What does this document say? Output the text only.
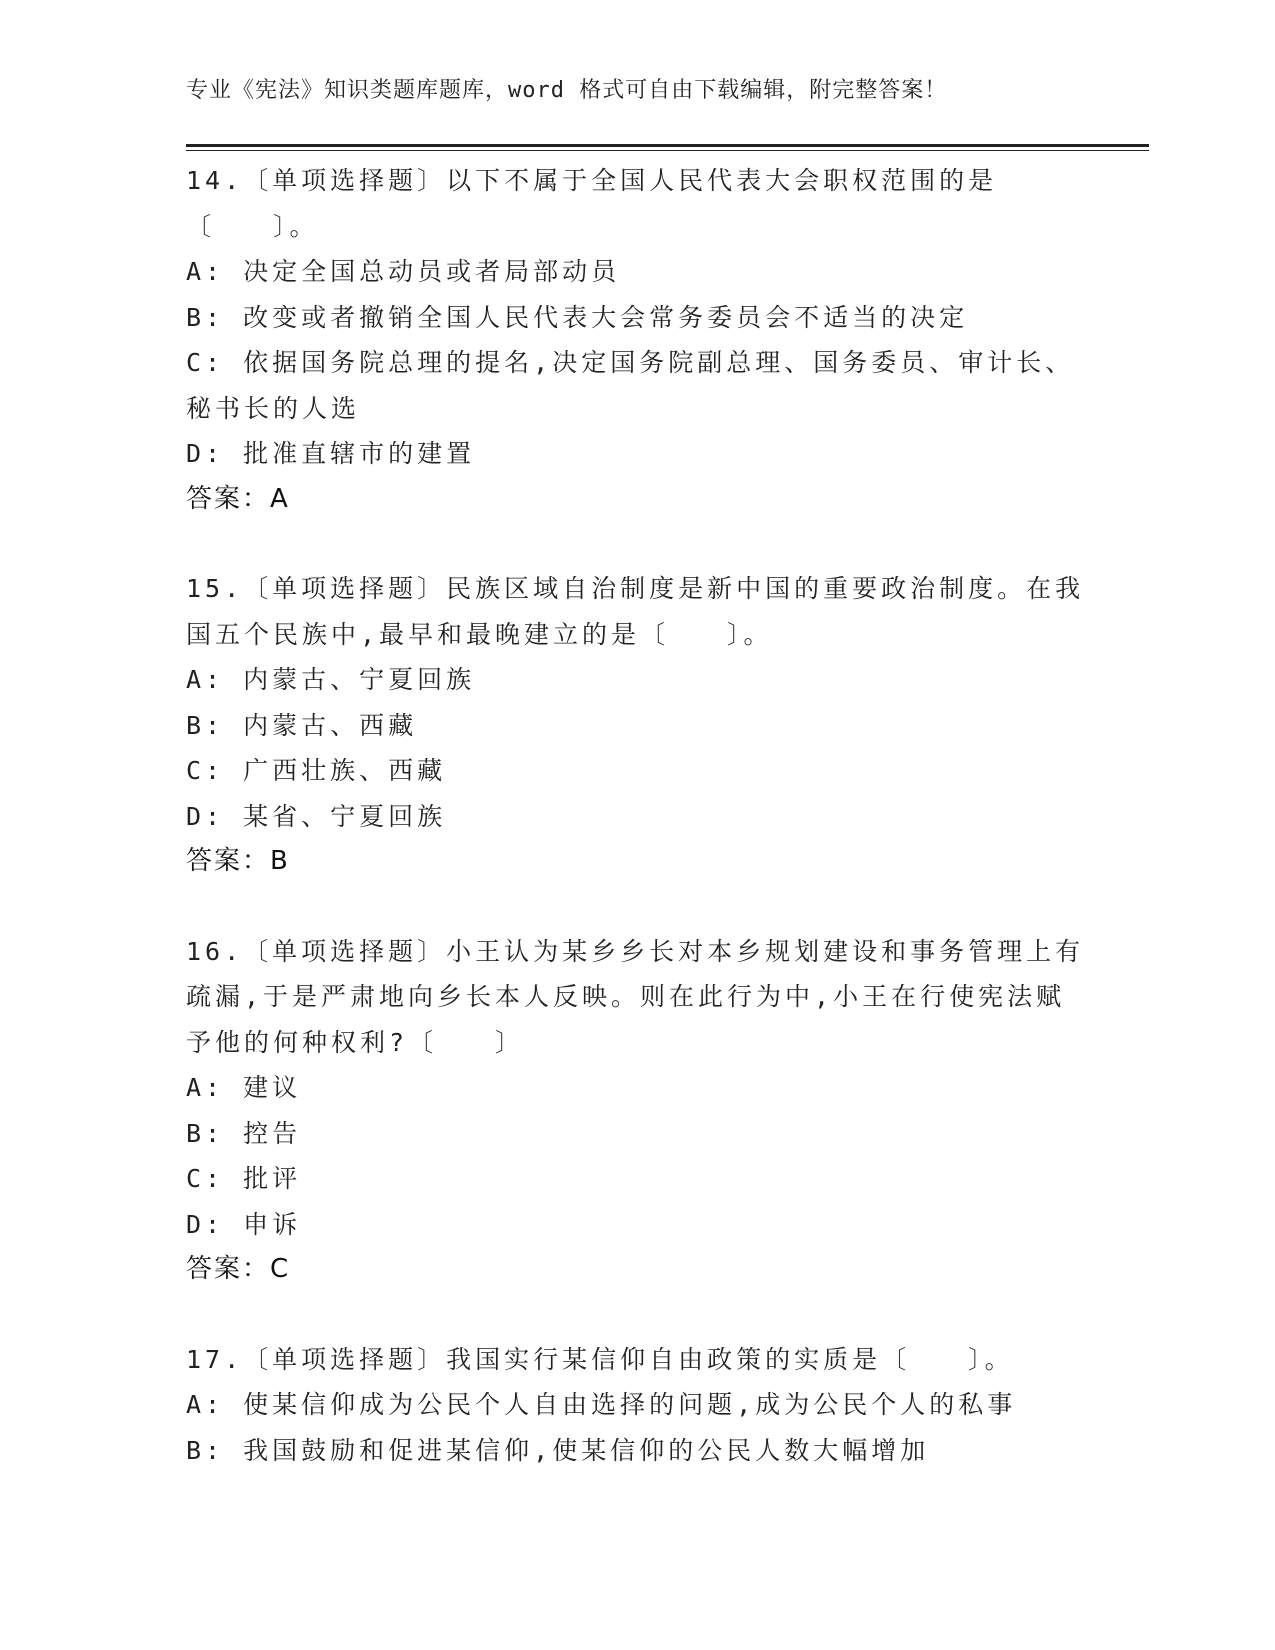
专业《宪法》知识类题库题库，word 格式可自由下载编辑，附完整答案！

14.〔单项选择题〕以下不属于全国人民代表大会职权范围的是〔　　〕。

A: 决定全国总动员或者局部动员

B: 改变或者撤销全国人民代表大会常务委员会不适当的决定

C: 依据国务院总理的提名,决定国务院副总理、国务委员、审计长、秘书长的人选

D: 批准直辖市的建置

答案：A

15.〔单项选择题〕民族区域自治制度是新中国的重要政治制度。在我国五个民族中,最早和最晚建立的是〔　　〕。

A: 内蒙古、宁夏回族

B: 内蒙古、西藏

C: 广西壮族、西藏

D: 某省、宁夏回族

答案：B

16.〔单项选择题〕小王认为某乡乡长对本乡规划建设和事务管理上有疏漏,于是严肃地向乡长本人反映。则在此行为中,小王在行使宪法赋予他的何种权利?〔　　〕

A: 建议

B: 控告

C: 批评

D: 申诉

答案：C

17.〔单项选择题〕我国实行某信仰自由政策的实质是〔　　〕。

A: 使某信仰成为公民个人自由选择的问题,成为公民个人的私事

B: 我国鼓励和促进某信仰,使某信仰的公民人数大幅增加
